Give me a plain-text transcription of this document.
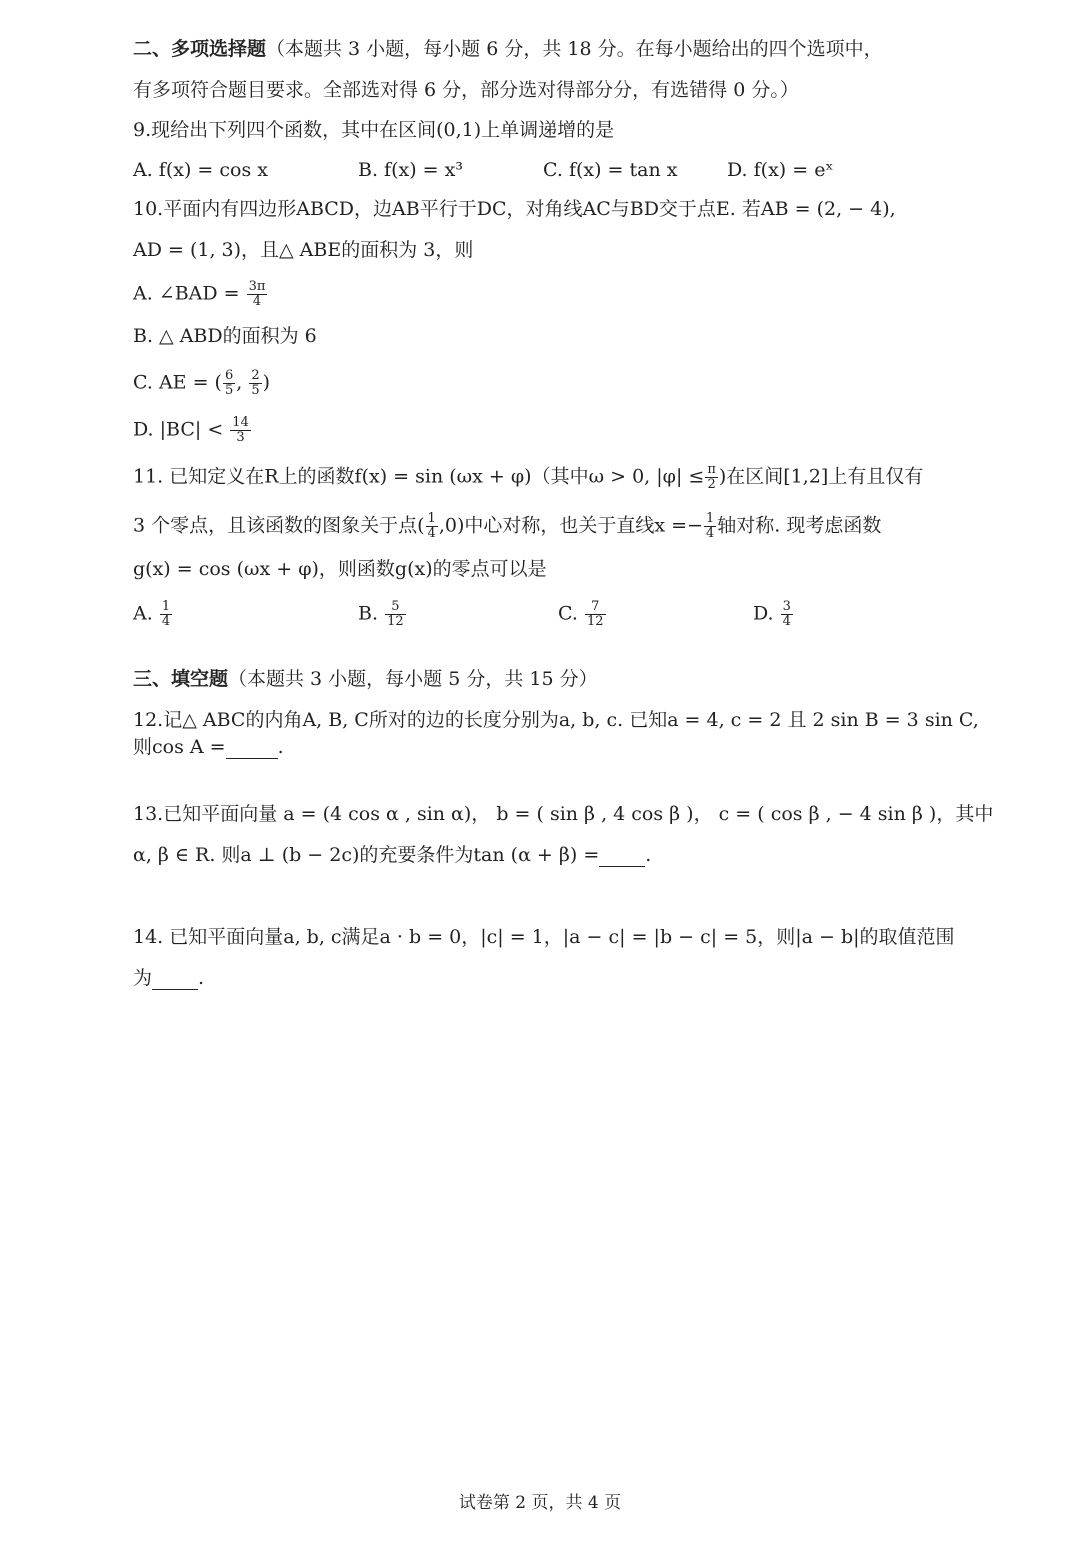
二、多项选择题（本题共 3 小题，每小题 6 分，共 18 分。在每小题给出的四个选项中，
有多项符合题目要求。全部选对得 6 分，部分选对得部分分，有选错得 0 分。）
9.现给出下列四个函数，其中在区间(0,1)上单调递增的是
A. f(x) = cos x	B. f(x) = x³	C. f(x) = tan x	D. f(x) = eˣ
10.平面内有四边形ABCD，边AB平行于DC，对角线AC与BD交于点E. 若AB = (2, − 4),
AD = (1, 3)，且△ ABE的面积为 3，则
A. ∠BAD = $\frac{3\pi}{4}$
B. △ ABD的面积为 6
C. AE = ( $\frac{6}{5}$ , $\frac{2}{5}$ )
D. $|BC| < \frac{14}{3}$
11. 已知定义在R上的函数f(x) = sin (ωx + φ)（其中ω > 0, $|\varphi| \le \frac{\pi}{2}$ )在区间[1,2]上有且仅有
3 个零点，且该函数的图象关于点( $\frac{1}{4} ,0$)中心对称，也关于直线$x =- \frac{1}{4}$ 轴对称. 现考虑函数
g(x) = cos (ωx + φ)，则函数g(x)的零点可以是
A. $\frac{1}{4}$	B. $\frac{5}{12}$	C. $\frac{7}{12}$	D. $\frac{3}{4}$
三、填空题（本题共 3 小题，每小题 5 分，共 15 分）
12.记△ ABC的内角A, B, C所对的边的长度分别为a, b, c. 已知a = 4, c = 2 且 2 sin B = 3 sin C,
则cos A =	.
13.已知平面向量 a = (4 cos α , sin α)， b = ( sin β , 4 cos β )， c = ( cos β , − 4 sin β )，其中
α, β ∈ R. 则a ⊥ (b − 2c)的充要条件为tan (α + β) = .
14. 已知平面向量a, b, c满足a · b = 0，|c| = 1，|a − c| = |b − c| = 5，则|a − b|的取值范围
为 .
试卷第 2 页，共 4 页
